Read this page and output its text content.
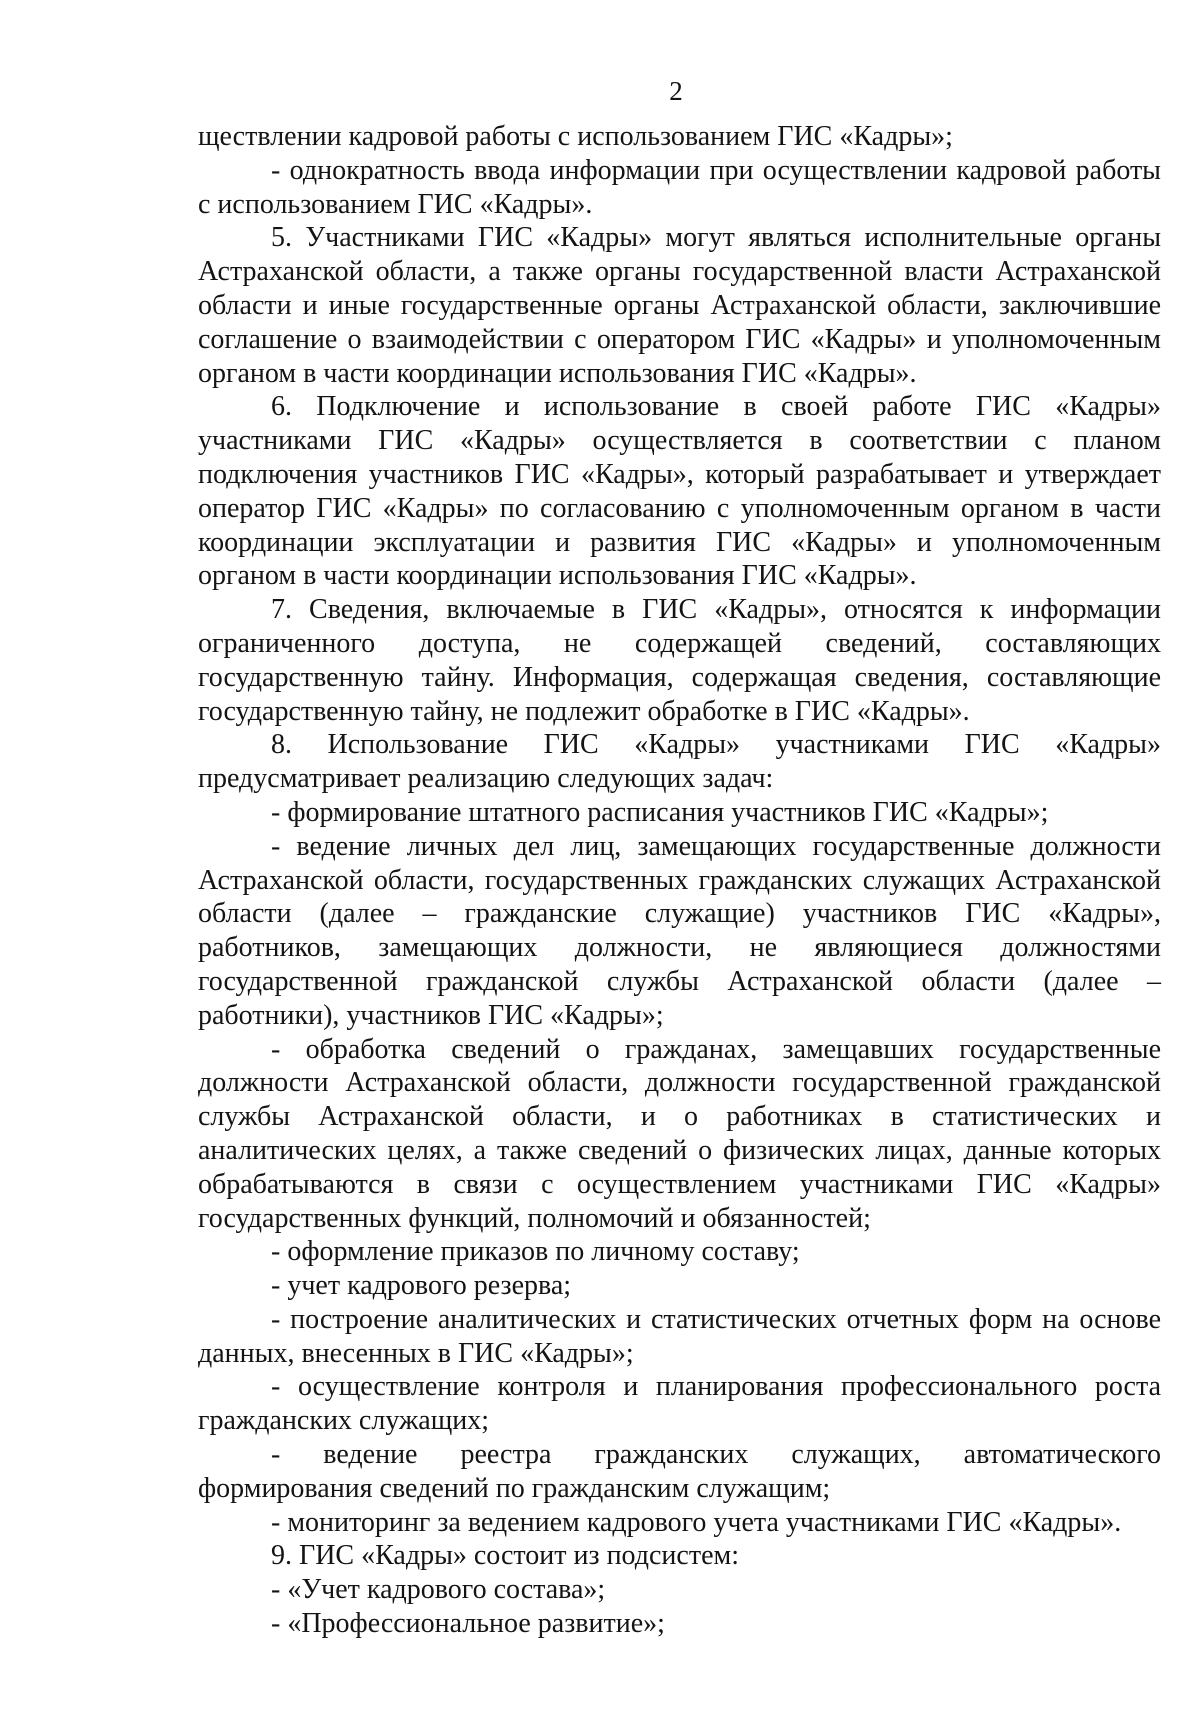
2

ществлении кадровой работы с использованием ГИС «Кадры»;

- однократность ввода информации при осуществлении кадровой работы с использованием ГИС «Кадры».

5. Участниками ГИС «Кадры» могут являться исполнительные органы Астраханской области, а также органы государственной власти Астраханской области и иные государственные органы Астраханской области, заключившие соглашение о взаимодействии с оператором ГИС «Кадры» и уполномоченным органом в части координации использования ГИС «Кадры».

6. Подключение и использование в своей работе ГИС «Кадры» участниками ГИС «Кадры» осуществляется в соответствии с планом подключения участников ГИС «Кадры», который разрабатывает и утверждает оператор ГИС «Кадры» по согласованию с уполномоченным органом в части координации эксплуатации и развития ГИС «Кадры» и уполномоченным органом в части координации использования ГИС «Кадры».

7. Сведения, включаемые в ГИС «Кадры», относятся к информации ограниченного доступа, не содержащей сведений, составляющих государственную тайну. Информация, содержащая сведения, составляющие государственную тайну, не подлежит обработке в ГИС «Кадры».

8. Использование ГИС «Кадры» участниками ГИС «Кадры» предусматривает реализацию следующих задач:

- формирование штатного расписания участников ГИС «Кадры»;

- ведение личных дел лиц, замещающих государственные должности Астраханской области, государственных гражданских служащих Астраханской области (далее – гражданские служащие) участников ГИС «Кадры», работников, замещающих должности, не являющиеся должностями государственной гражданской службы Астраханской области (далее – работники), участников ГИС «Кадры»;

- обработка сведений о гражданах, замещавших государственные должности Астраханской области, должности государственной гражданской службы Астраханской области, и о работниках в статистических и аналитических целях, а также сведений о физических лицах, данные которых обрабатываются в связи с осуществлением участниками ГИС «Кадры» государственных функций, полномочий и обязанностей;

- оформление приказов по личному составу;

- учет кадрового резерва;

- построение аналитических и статистических отчетных форм на основе данных, внесенных в ГИС «Кадры»;

- осуществление контроля и планирования профессионального роста гражданских служащих;

- ведение реестра гражданских служащих, автоматического формирования сведений по гражданским служащим;

- мониторинг за ведением кадрового учета участниками ГИС «Кадры».

9. ГИС «Кадры» состоит из подсистем:

- «Учет кадрового состава»;

- «Профессиональное развитие»;
